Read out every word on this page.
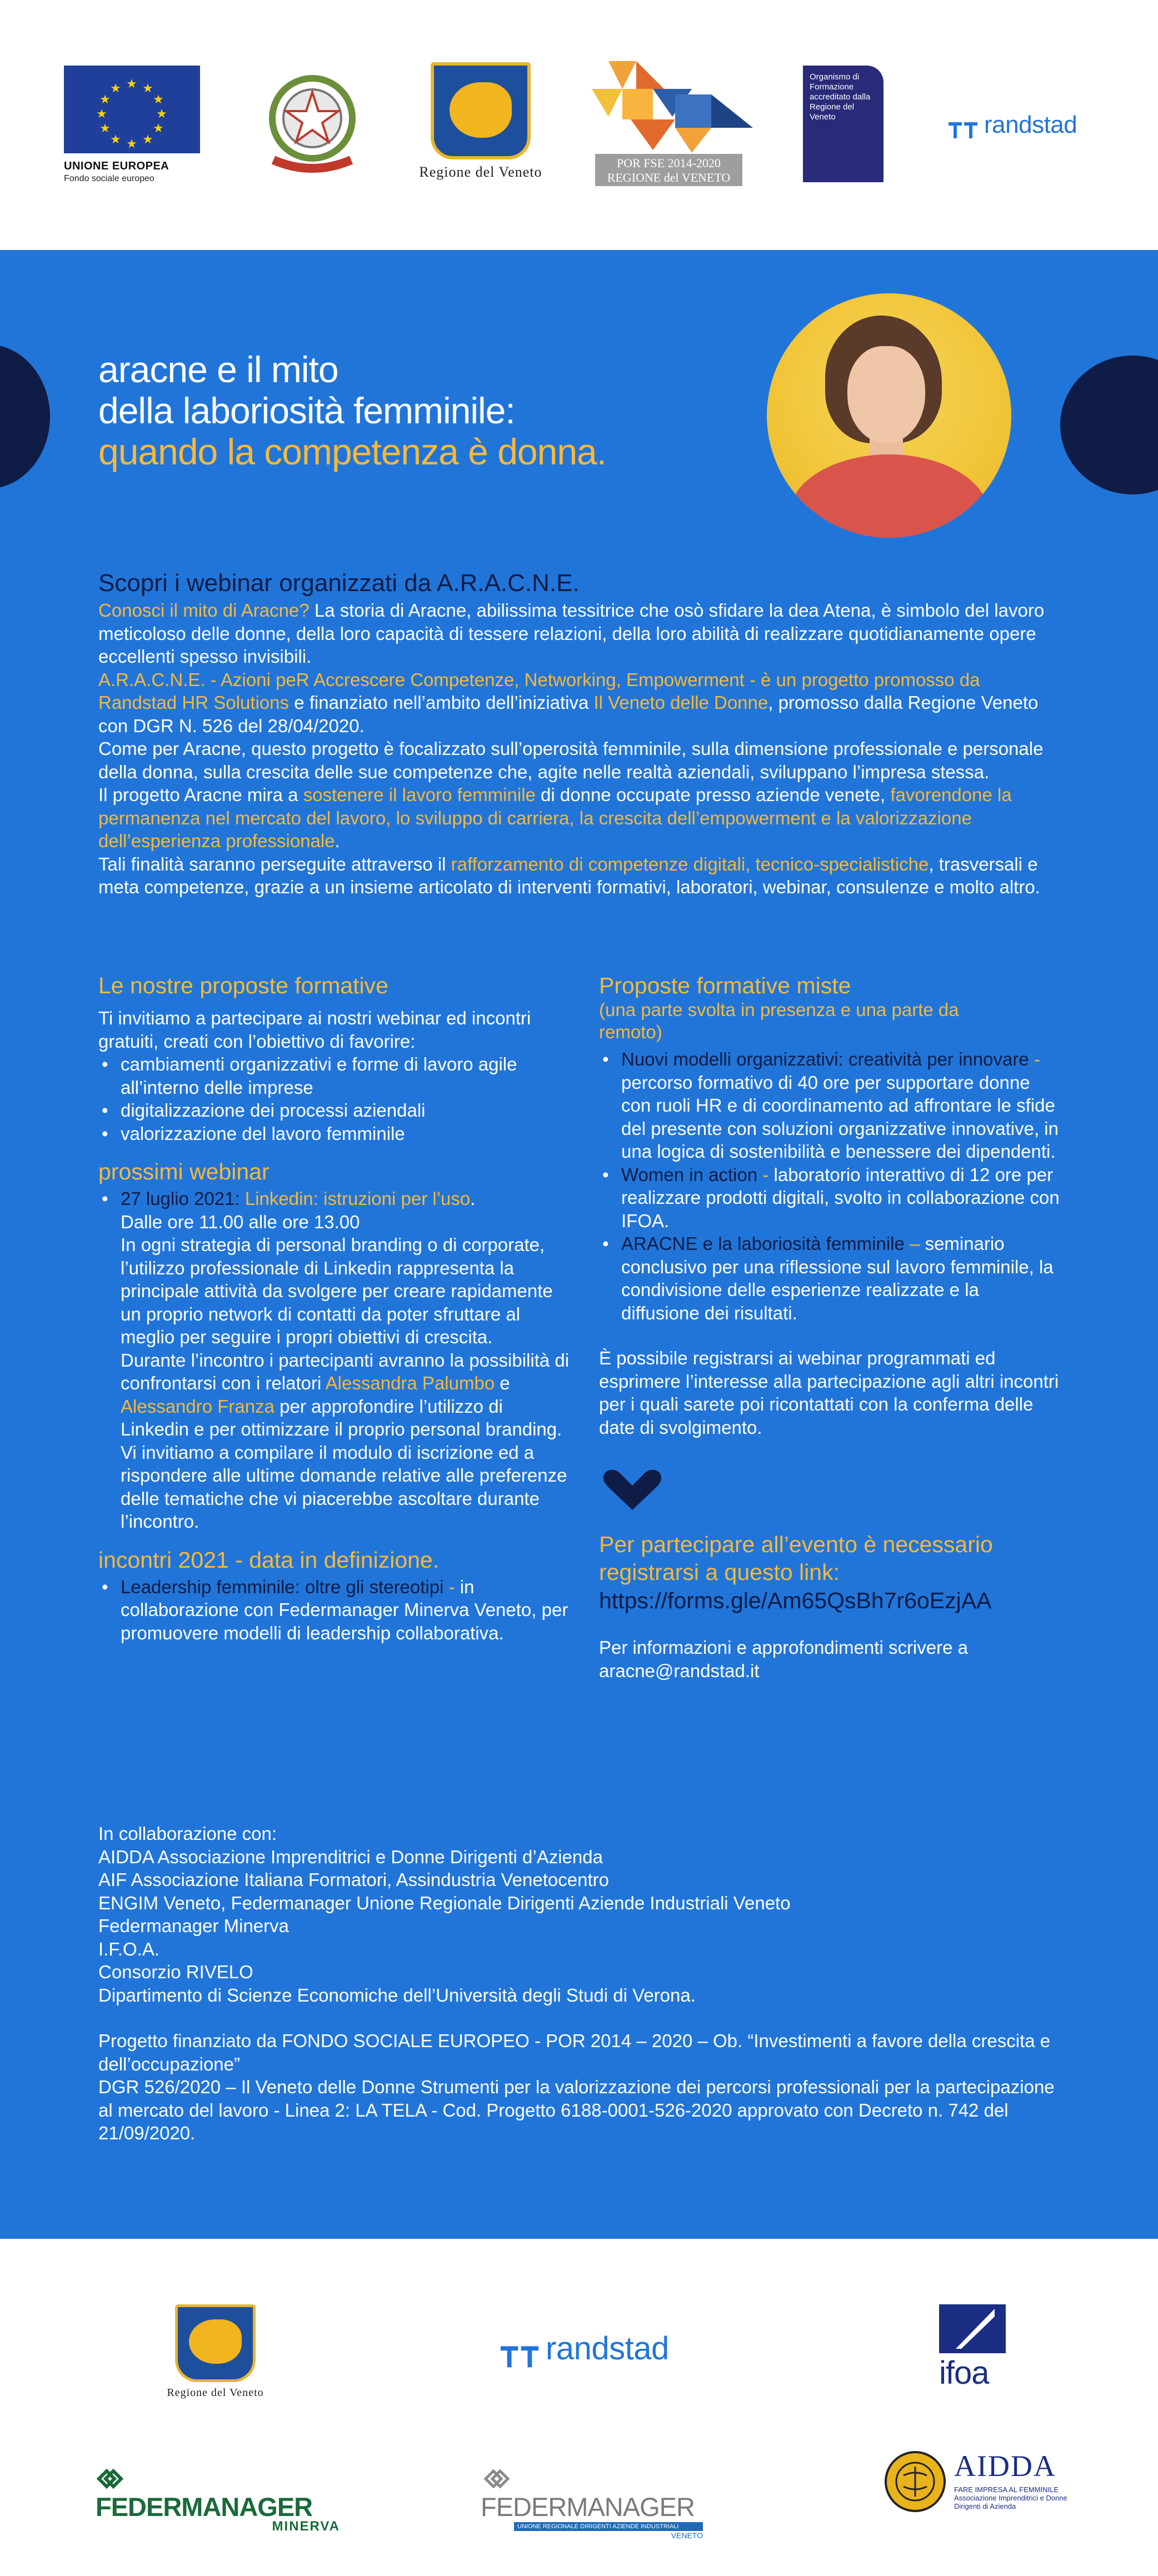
★ ★
★
★
★
★
★
★
★
★
★
★
UNIONE EUROPEA
Fondo sociale europeo	Regione del Veneto
POR FSE 2014-2020
REGIONE del VENETO
Organismo di Formazione accreditato dalla Regione del Veneto	randstad
aracne e il mito
della laboriosità femminile:
quando la competenza è donna.
Scopri i webinar organizzati da A.R.A.C.N.E.
Conosci il mito di Aracne? La storia di Aracne, abilissima tessitrice che osò sfidare la dea Atena, è simbolo del lavoro meticoloso delle donne, della loro capacità di tessere relazioni, della loro abilità di realizzare quotidianamente opere eccellenti spesso invisibili.
A.R.A.C.N.E. - Azioni peR Accrescere Competenze, Networking, Empowerment - è un progetto promosso da Randstad HR Solutions e finanziato nell’ambito dell’iniziativa Il Veneto delle Donne, promosso dalla Regione Veneto con DGR N. 526 del 28/04/2020.
Come per Aracne, questo progetto è focalizzato sull’operosità femminile, sulla dimensione professionale e personale della donna, sulla crescita delle sue competenze che, agite nelle realtà aziendali, sviluppano l’impresa stessa.
Il progetto Aracne mira a sostenere il lavoro femminile di donne occupate presso aziende venete, favorendone la permanenza nel mercato del lavoro, lo sviluppo di carriera, la crescita dell’empowerment e la valorizzazione dell’esperienza professionale.
Tali finalità saranno perseguite attraverso il rafforzamento di competenze digitali, tecnico-specialistiche, trasversali e meta competenze, grazie a un insieme articolato di interventi formativi, laboratori, webinar, consulenze e molto altro.
Le nostre proposte formative
Ti invitiamo a partecipare ai nostri webinar ed incontri gratuiti, creati con l’obiettivo di favorire:
• cambiamenti organizzativi e forme di lavoro agile all’interno delle imprese
• digitalizzazione dei processi aziendali
• valorizzazione del lavoro femminile
prossimi webinar
• 27 luglio 2021: Linkedin: istruzioni per l’uso.
Dalle ore 11.00 alle ore 13.00
In ogni strategia di personal branding o di corporate, l’utilizzo professionale di Linkedin rappresenta la principale attività da svolgere per creare rapidamente un proprio network di contatti da poter sfruttare al meglio per seguire i propri obiettivi di crescita.
Durante l’incontro i partecipanti avranno la possibilità di confrontarsi con i relatori Alessandra Palumbo e Alessandro Franza per approfondire l’utilizzo di Linkedin e per ottimizzare il proprio personal branding.
Vi invitiamo a compilare il modulo di iscrizione ed a rispondere alle ultime domande relative alle preferenze delle tematiche che vi piacerebbe ascoltare durante l’incontro.
incontri 2021 - data in definizione.
• Leadership femminile: oltre gli stereotipi - in collaborazione con Federmanager Minerva Veneto, per promuovere modelli di leadership collaborativa.
Proposte formative miste
(una parte svolta in presenza e una parte da remoto)
• Nuovi modelli organizzativi: creatività per innovare - percorso formativo di 40 ore per supportare donne con ruoli HR e di coordinamento ad affrontare le sfide del presente con soluzioni organizzative innovative, in una logica di sostenibilità e benessere dei dipendenti.
• Women in action - laboratorio interattivo di 12 ore per realizzare prodotti digitali, svolto in collaborazione con IFOA.
• ARACNE e la laboriosità femminile – seminario conclusivo per una riflessione sul lavoro femminile, la condivisione delle esperienze realizzate e la diffusione dei risultati.
È possibile registrarsi ai webinar programmati ed esprimere l’interesse alla partecipazione agli altri incontri per i quali sarete poi ricontattati con la conferma delle date di svolgimento.
Per partecipare all’evento è necessario registrarsi a questo link:
https://forms.gle/Am65QsBh7r6oEzjAA
Per informazioni e approfondimenti scrivere a
aracne@randstad.it
In collaborazione con:
AIDDA Associazione Imprenditrici e Donne Dirigenti d’Azienda
AIF Associazione Italiana Formatori, Assindustria Venetocentro
ENGIM Veneto, Federmanager Unione Regionale Dirigenti Aziende Industriali Veneto
Federmanager Minerva
I.F.O.A.
Consorzio RIVELO
Dipartimento di Scienze Economiche dell’Università degli Studi di Verona.
Progetto finanziato da FONDO SOCIALE EUROPEO - POR 2014 – 2020 – Ob. “Investimenti a favore della crescita e dell’occupazione”
DGR 526/2020 – Il Veneto delle Donne Strumenti per la valorizzazione dei percorsi professionali per la partecipazione al mercato del lavoro - Linea 2: LA TELA - Cod. Progetto 6188-0001-526-2020 approvato con Decreto n. 742 del 21/09/2020.
Regione del Veneto
randstad
ifoa
FEDERMANAGER
MINERVA
FEDERMANAGER
UNIONE REGIONALE DIRIGENTI AZIENDE INDUSTRIALI
VENETO
AIDDA
FARE IMPRESA AL FEMMINILE Associazione Imprenditrici e Donne Dirigenti di Azienda
